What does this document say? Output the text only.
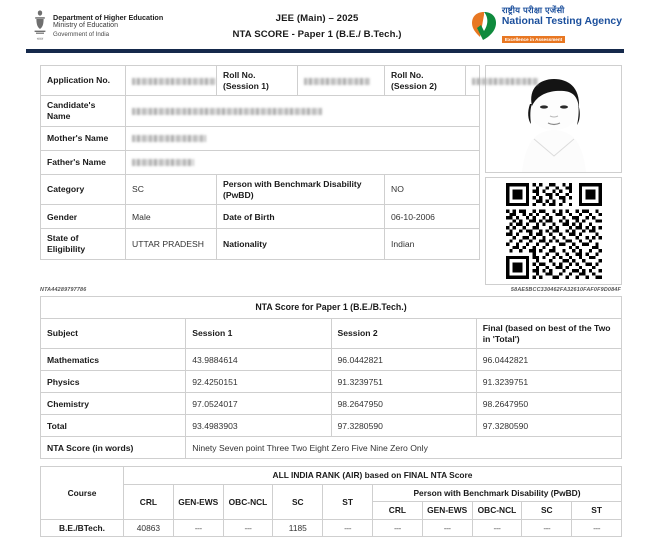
भारत
Department of Higher Education
Ministry of Education
Government of India
JEE (Main) – 2025
NTA SCORE - Paper 1 (B.E./ B.Tech.)
राष्ट्रीय परीक्षा एजेंसी
National Testing Agency
Excellence in Assessment
Application No.		Roll No. (Session 1)		Roll No. (Session 2)	
Candidate's Name					
Mother's Name					
Father's Name					
Category	SC	Person with Benchmark Disability (PwBD)		NO	
Gender	Male	Date of Birth		06-10-2006	
State of Eligibility	UTTAR PRADESH	Nationality		Indian	
NTA44289797786	58AE5BCC330462FA32610FAF0F9D084F
NTA Score for Paper 1 (B.E./B.Tech.)			
Subject	Session 1	Session 2	Final (based on best of the Two in 'Total')
Mathematics	43.9884614	96.0442821	96.0442821
Physics	92.4250151	91.3239751	91.3239751
Chemistry	97.0524017	98.2647950	98.2647950
Total	93.4983903	97.3280590	97.3280590
NTA Score (in words)	Ninety Seven point Three Two Eight Zero Five Nine Zero Only		
Course	ALL INDIA RANK (AIR) based on FINAL NTA Score									
	CRL	GEN-EWS	OBC-NCL	SC	ST	Person with Benchmark Disability (PwBD)				
						CRL	GEN-EWS	OBC-NCL	SC	ST
B.E./BTech.	40863	---	---	1185	---	---	---	---	---	---
